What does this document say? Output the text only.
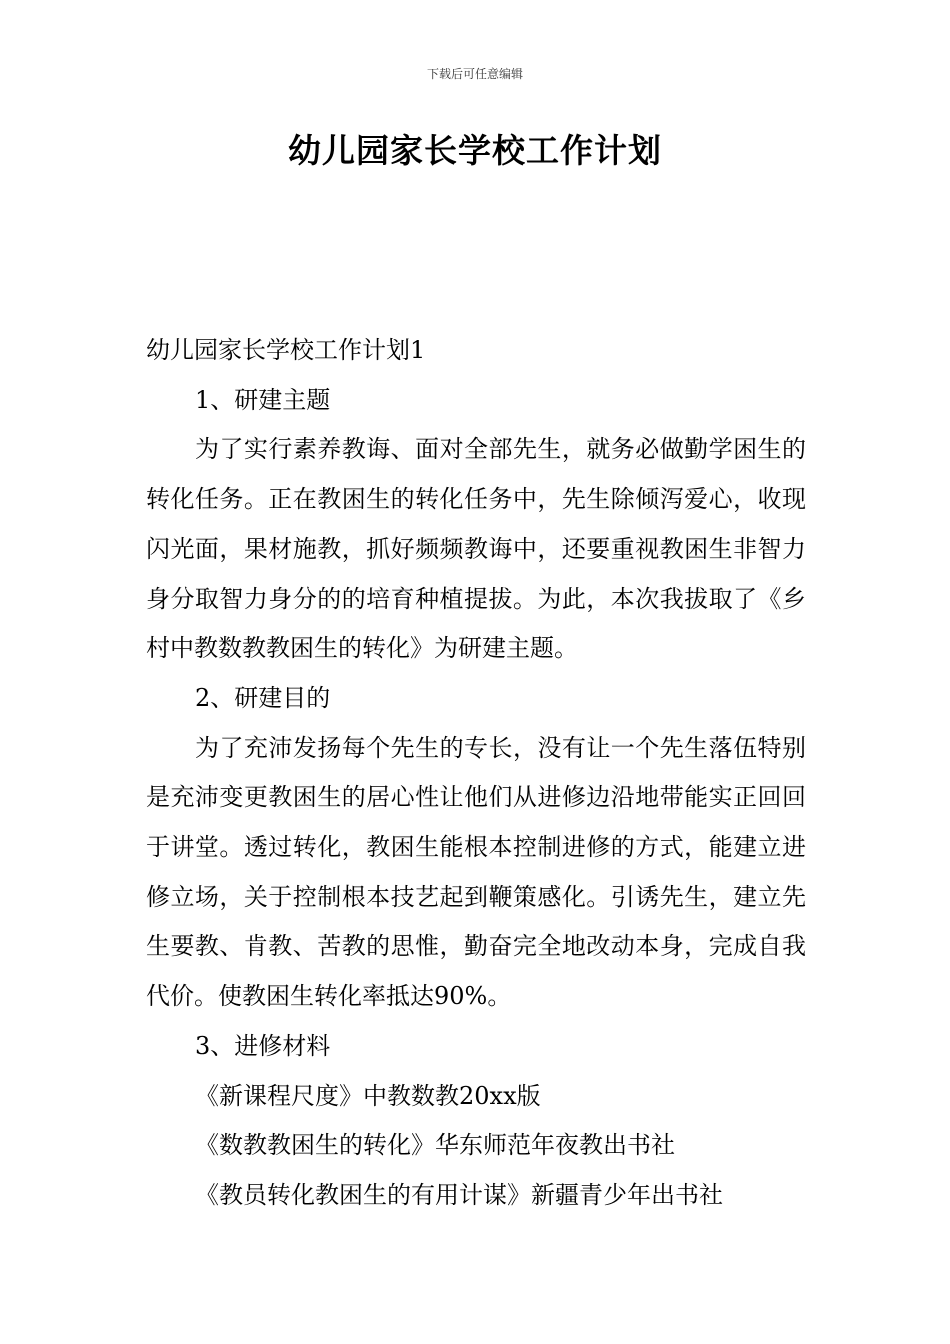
下载后可任意编辑
幼儿园家长学校工作计划

幼儿园家长学校工作计划1

1、研建主题

为了实行素养教诲、面对全部先生，就务必做勤学困生的转化任务。正在教困生的转化任务中，先生除倾泻爱心，收现闪光面，果材施教，抓好频频教诲中，还要重视教困生非智力身分取智力身分的的培育种植提拔。为此，本次我拔取了《乡村中教数教教困生的转化》为研建主题。

2、研建目的

为了充沛发扬每个先生的专长，没有让一个先生落伍特别是充沛变更教困生的居心性让他们从进修边沿地带能实正回回于讲堂。透过转化，教困生能根本控制进修的方式，能建立进修立场，关于控制根本技艺起到鞭策感化。引诱先生，建立先生要教、肯教、苦教的思惟，勤奋完全地改动本身，完成自我代价。使教困生转化率抵达90%。

3、进修材料

《新课程尺度》中教数教20xx版

《数教教困生的转化》华东师范年夜教出书社

《教员转化教困生的有用计谋》新疆青少年出书社
